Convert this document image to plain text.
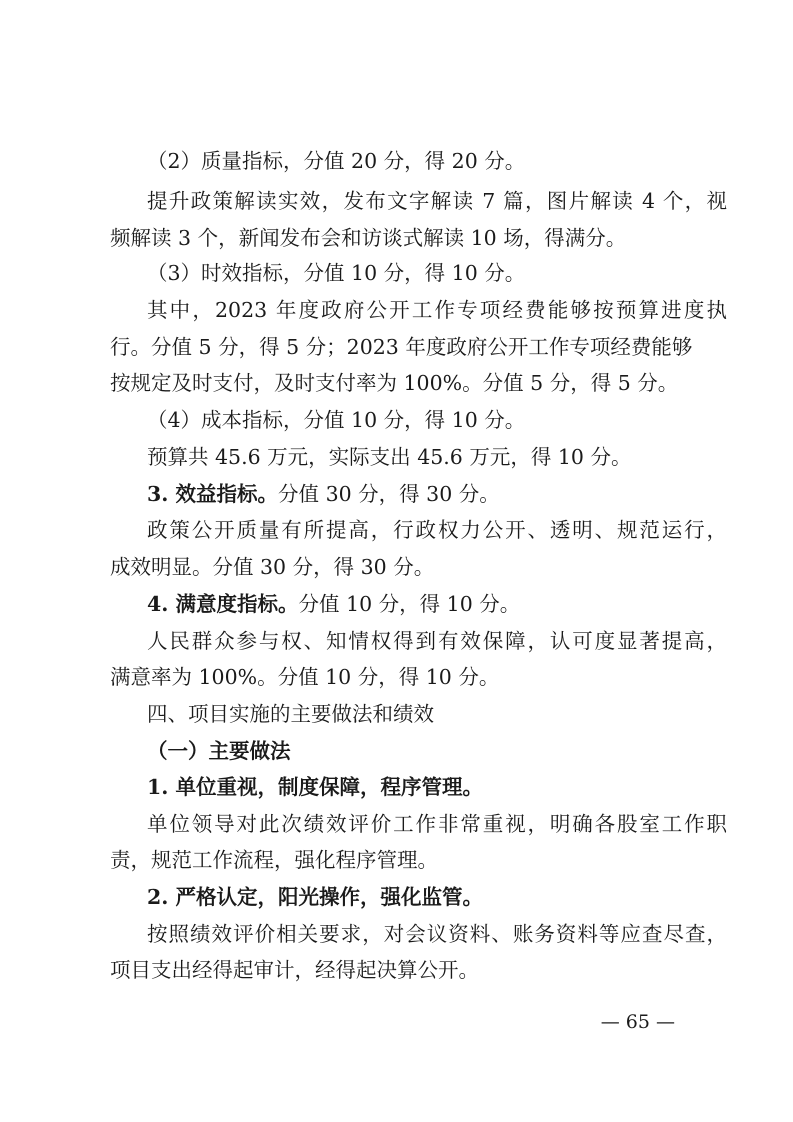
（2）质量指标，分值 20 分，得 20 分。
提升政策解读实效，发布文字解读 7 篇，图片解读 4 个，视
频解读 3 个，新闻发布会和访谈式解读 10 场，得满分。
（3）时效指标，分值 10 分，得 10 分。
其中，2023 年度政府公开工作专项经费能够按预算进度执
行。分值 5 分，得 5 分；2023 年度政府公开工作专项经费能够
按规定及时支付，及时支付率为 100%。分值 5 分，得 5 分。
（4）成本指标，分值 10 分，得 10 分。
预算共 45.6 万元，实际支出 45.6 万元，得 10 分。
3. 效益指标。分值 30 分，得 30 分。
政策公开质量有所提高，行政权力公开、透明、规范运行，
成效明显。分值 30 分，得 30 分。
4. 满意度指标。分值 10 分，得 10 分。
人民群众参与权、知情权得到有效保障，认可度显著提高，
满意率为 100%。分值 10 分，得 10 分。
四、项目实施的主要做法和绩效
（一）主要做法
1. 单位重视，制度保障，程序管理。
单位领导对此次绩效评价工作非常重视，明确各股室工作职
责，规范工作流程，强化程序管理。
2. 严格认定，阳光操作，强化监管。
按照绩效评价相关要求，对会议资料、账务资料等应查尽查，
项目支出经得起审计，经得起决算公开。
— 65 —
